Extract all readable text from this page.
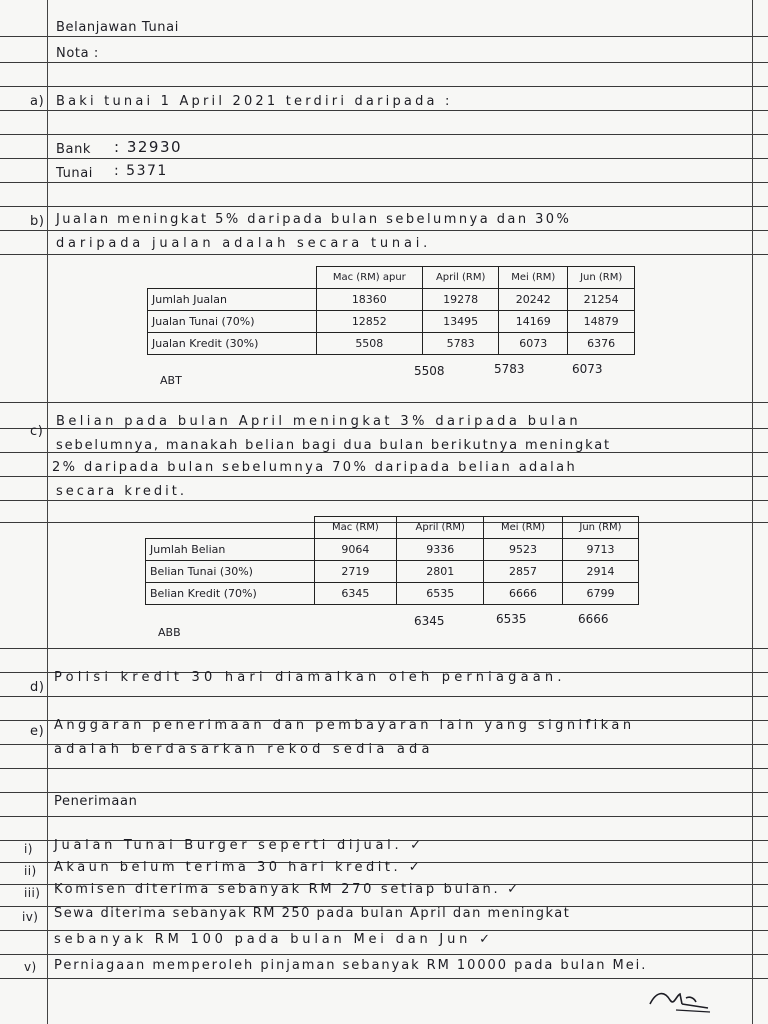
Belanjawan Tunai
Nota :
a) Baki tunai 1 April 2021 terdiri daripada :
Bank : 32930
Tunai : 5371
b) Jualan meningkat 5% daripada bulan sebelumnya dan 30%
daripada jualan adalah secara tunai.
	Mac (RM) apur	April (RM)	Mei (RM)	Jun (RM)
Jumlah Jualan	18360	19278	20242	21254
Jualan Tunai (70%)	12852	13495	14169	14879
Jualan Kredit (30%)	5508	5783	6073	6376
ABT
5508	5783	6073
c)
Belian pada bulan April meningkat 3% daripada bulan
sebelumnya, manakah belian bagi dua bulan berikutnya meningkat
2% daripada bulan sebelumnya 70% daripada belian adalah
secara kredit.
	Mac (RM)	April (RM)	Mei (RM)	Jun (RM)
Jumlah Belian	9064	9336	9523	9713
Belian Tunai (30%)	2719	2801	2857	2914
Belian Kredit (70%)	6345	6535	6666	6799
ABB
6345	6535	6666
d)
Polisi kredit 30 hari diamalkan oleh perniagaan.
e) Anggaran penerimaan dan pembayaran lain yang signifikan
adalah berdasarkan rekod sedia ada
Penerimaan
i) Jualan Tunai Burger seperti dijual. ✓
ii) Akaun belum terima 30 hari kredit. ✓
iii) Komisen diterima sebanyak RM 270 setiap bulan. ✓
iv) Sewa diterima sebanyak RM 250 pada bulan April dan meningkat
sebanyak RM 100 pada bulan Mei dan Jun ✓
v) Perniagaan memperoleh pinjaman sebanyak RM 10000 pada bulan Mei.
